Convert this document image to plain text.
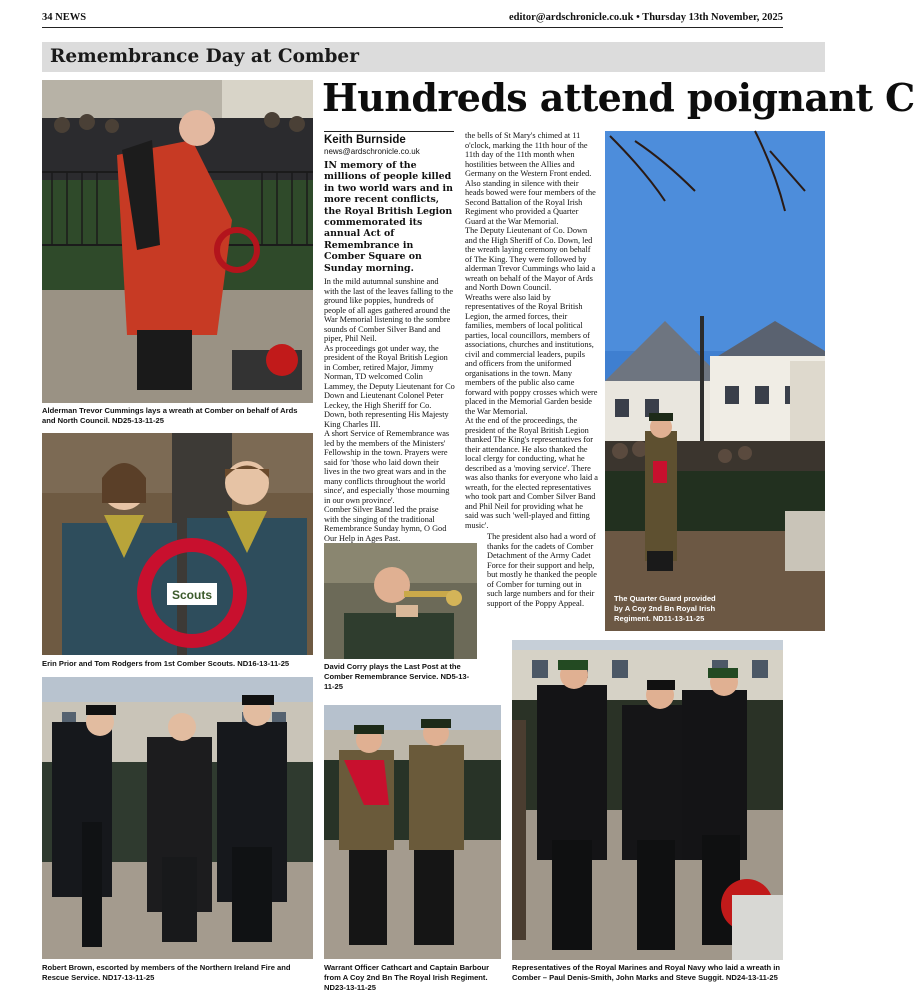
34 NEWS	editor@ardschronicle.co.uk • Thursday 13th November, 2025
Remembrance Day at Comber
Alderman Trevor Cummings lays a wreath at Comber on behalf of Ards and North Council. ND25-13-11-25
Scouts
Erin Prior and Tom Rodgers from 1st Comber Scouts. ND16-13-11-25
Robert Brown, escorted by members of the Northern Ireland Fire and Rescue Service. ND17-13-11-25
Hundreds attend poignant C
Keith Burnside
news@ardschronicle.co.uk

IN memory of the millions of people killed in two world wars and in more recent conflicts, the Royal British Legion commemorated its annual Act of Remembrance in Comber Square on Sunday morning.

In the mild autumnal sunshine and with the last of the leaves falling to the ground like poppies, hundreds of people of all ages gathered around the War Memorial listening to the sombre sounds of Comber Silver Band and piper, Phil Neil.

As proceedings got under way, the president of the Royal British Legion in Comber, retired Major, Jimmy Norman, TD welcomed Colin Lammey, the Deputy Lieutenant for Co Down and Lieutenant Colonel Peter Leckey, the High Sheriff for Co. Down, both representing His Majesty King Charles III.

A short Service of Remembrance was led by the members of the Ministers' Fellowship in the town. Prayers were said for 'those who laid down their lives in the two great wars and in the many conflicts throughout the world since', and especially 'those mourning in our own province'.

Comber Silver Band led the praise with the singing of the traditional Remembrance Sunday hymn, O God Our Help in Ages Past.

the bells of St Mary's chimed at 11 o'clock, marking the 11th hour of the 11th day of the 11th month when hostilities between the Allies and Germany on the Western Front ended. Also standing in silence with their heads bowed were four members of the Second Battalion of the Royal Irish Regiment who provided a Quarter Guard at the War Memorial.

The Deputy Lieutenant of Co. Down and the High Sheriff of Co. Down, led the wreath laying ceremony on behalf of The King. They were followed by alderman Trevor Cummings who laid a wreath on behalf of the Mayor of Ards and North Down Council.

Wreaths were also laid by representatives of the Royal British Legion, the armed forces, their families, members of local political parties, local councillors, members of associations, churches and institutions, civil and commercial leaders, pupils and officers from the uniformed organisations in the town. Many members of the public also came forward with poppy crosses which were placed in the Memorial Garden beside the War Memorial.

At the end of the proceedings, the president of the Royal British Legion thanked The King's representatives for their attendance. He also thanked the local clergy for conducting, what he described as a 'moving service'. There was also thanks for everyone who laid a wreath, for the elected representatives who took part and Comber Silver Band and Phil Neil for providing what he said was such 'well-played and fitting music'.

The president also had a word of thanks for the cadets of Comber Detachment of the Army Cadet Force for their support and help, but mostly he thanked the people of Comber for turning out in such large numbers and for their support of the Poppy Appeal.

David Corry plays the Last Post at the Comber Remembrance Service. ND5-13-11-25
The Quarter Guard provided by A Coy 2nd Bn Royal Irish Regiment. ND11-13-11-25
Warrant Officer Cathcart and Captain Barbour from A Coy 2nd Bn The Royal Irish Regiment. ND23-13-11-25
Representatives of the Royal Marines and Royal Navy who laid a wreath in Comber – Paul Denis-Smith, John Marks and Steve Suggit. ND24-13-11-25
